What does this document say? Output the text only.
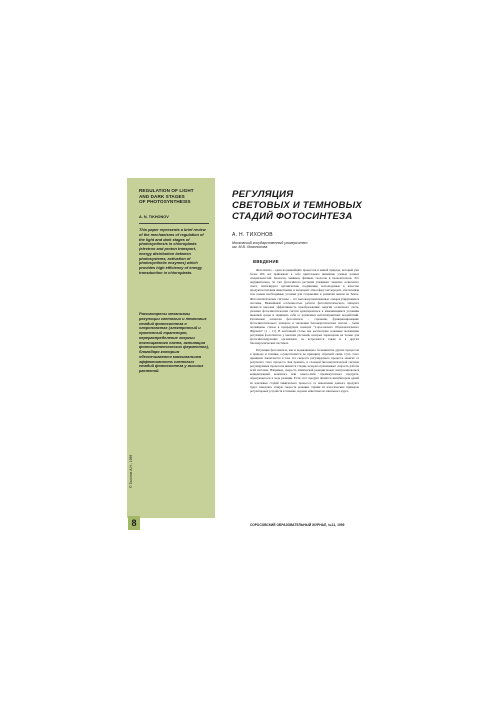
REGULATION OF LIGHT
AND DARK STAGES
OF PHOTOSYNTHESIS
A. N. TIKHONOV
This paper represents a brief review of the mechanisms of regulation of the light and dark stages of photosynthesis in chloroplasts (electron and proton transport, energy distribution between photosystems, activation of photosynthetic enzymes) which provides high efficiency of energy transduction in chloroplasts.
Рассмотрены механизмы регуляции световых и темновых стадий фотосинтеза в хлоропластах (электронный и протонный транспорт, перераспределение энергии поглощаемого света, активация фотосинтетических ферментов), благодаря которым обеспечивается максимальная эффективность световых стадий фотосинтеза у высших растений.
© Тихонов А.Н., 1999
8
РЕГУЛЯЦИЯ
СВЕТОВЫХ И ТЕМНОВЫХ
СТАДИЙ ФОТОСИНТЕЗА
А. Н. ТИХОНОВ
Московский государственный университет
им. М.В. Ломоносова
ВВЕДЕНИЕ

Фотосинтез – один из важнейших процессов в живой природе, который уже более 200 лет привлекает к себе пристальное внимание ученых разных специальностей: биологов, химиков, физиков, геологов и палеонтологов. Это неудивительно. За счет фотосинтеза растения усваивают энергию солнечного света, синтезируют органические соединения, используемые в качестве продуктов питания животными, и насыщают атмосферу кислородом, обеспечивая тем самым необходимые условия для сохранения и развития жизни на Земле. Фотосинтетические системы – это высокоорганизованные саморегулирующиеся системы. Важнейшей особенностью работы фотосинтетического аппарата является высокая эффективность преобразования энергии солнечного света, унаемая фотосинтетических систем адаптироваться к изменяющимся условиям внешней среды и защищать себя от различных неблагоприятных воздействий. Различным аспектам фотосинтеза – строению, функционированию фотосинтетического аппарата и эволюции биоэнергетических систем – были посвящены статьи в предыдущих номерах “Соросовского Образовательного Журнала” [1 – 11]. В настоящей статье мы рассмотрим основные механизмы регуляции фотосинтеза у высших растений, которые характерны не только для фотосинтезирующих организмов, но встречаются также и в других биоэнергетических системах.

Регуляция фотосинтеза, как и подавляющего большинства других процессов в природе и технике, осуществляется по принципу обратной связи. Суть этого принципа заключается в том, что скорость регулируемого процесса зависит от результата этого процесса. Как правило, в сложной биоэнергетической системе регулируемым процессом является стадия, которая ограничивает скорость работы всей системы. Например, скорость химической реакции может контролироваться концентрацией конечного или какого-либо промежуточного продукта, образующегося в ходе реакции. Если этот продукт является ингибитором одной из ключевых стадий химического процесса, то накопление данного продукта будет замедлять общую скорость реакции. Одним из классических примеров регуляторных устройств в технике, хорошо известных из школьного курса

СОРОСОВСКИЙ ОБРАЗОВАТЕЛЬНЫЙ ЖУРНАЛ, №11, 1999
